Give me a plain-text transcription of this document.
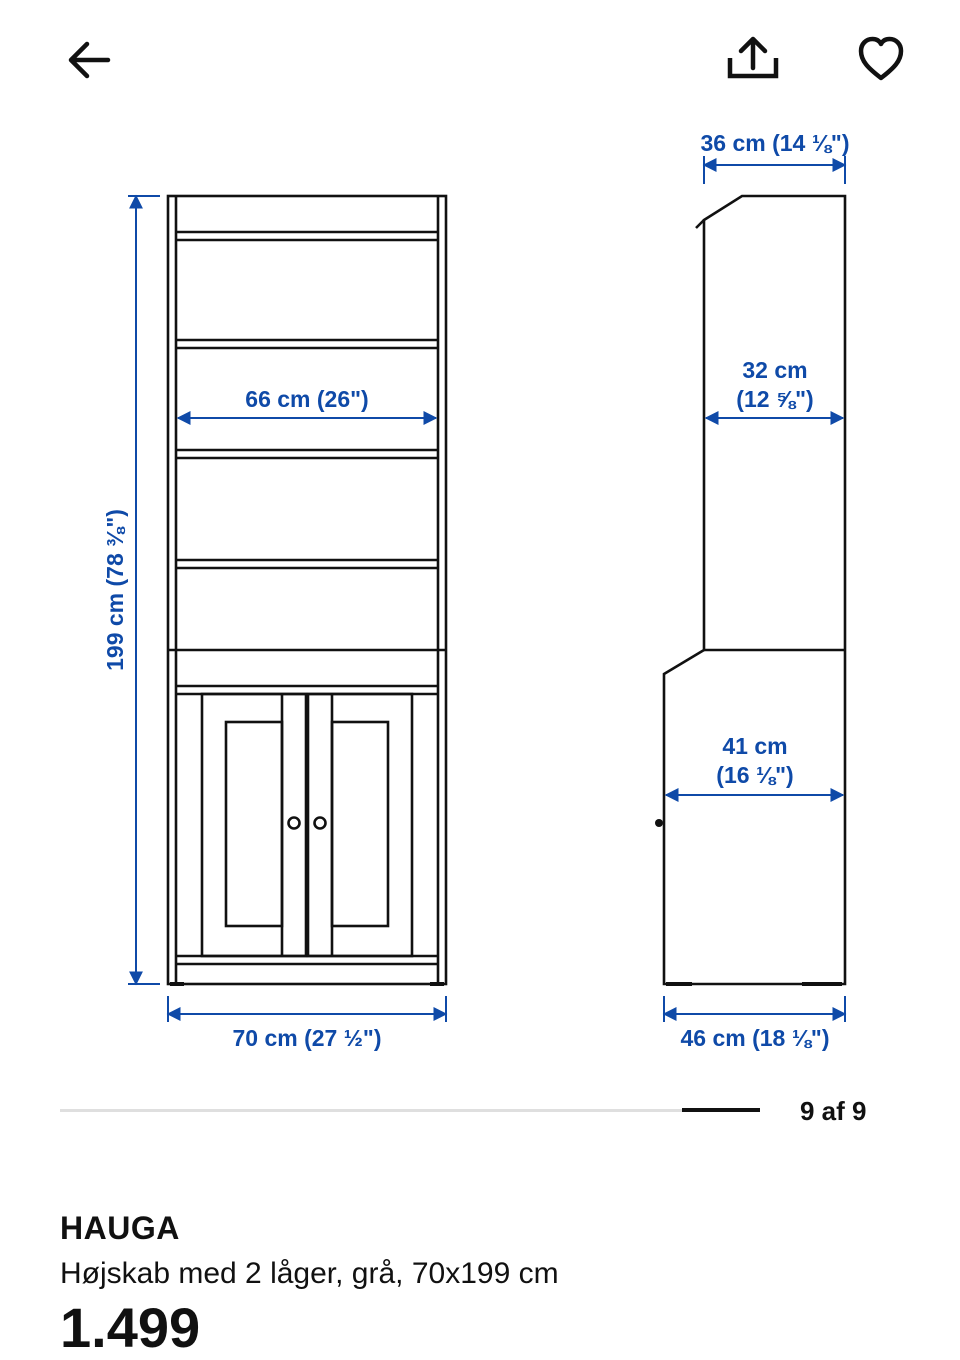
36 cm (14 ⅛")
66 cm (26")
32 cm
(12 ⅝")
41 cm
(16 ⅛")
199 cm (78 ⅜")
70 cm (27 ½")	46 cm (18 ⅛")
9 af 9
HAUGA
Højskab med 2 låger, grå, 70x199 cm
1.499
